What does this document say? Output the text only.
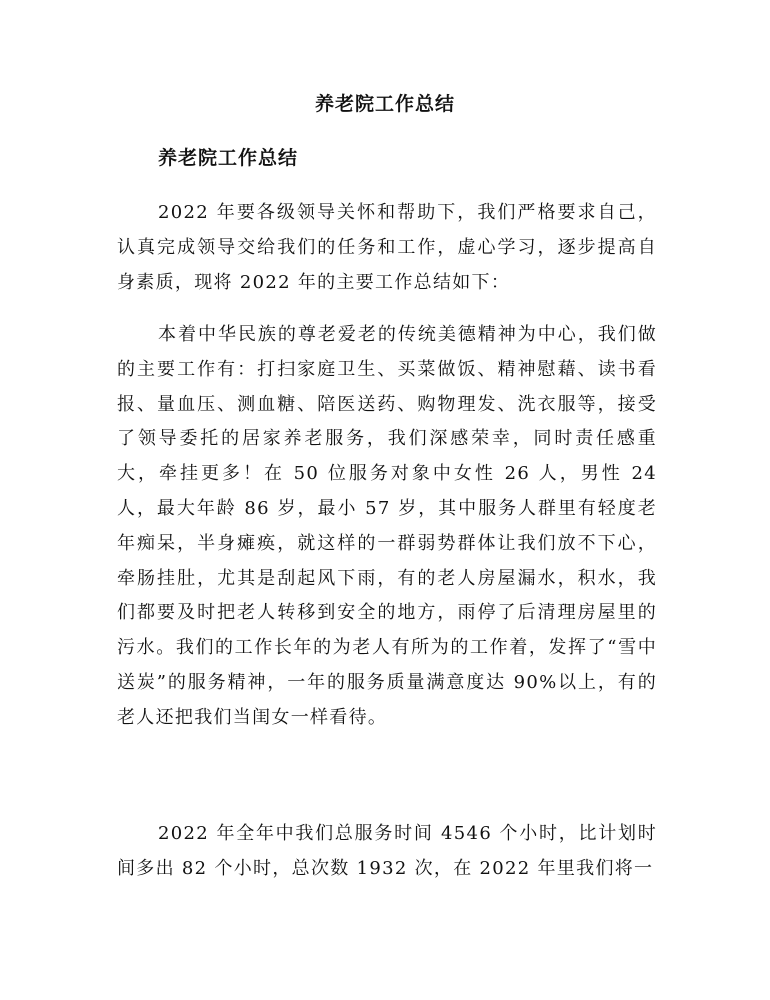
养老院工作总结
养老院工作总结

2022 年要各级领导关怀和帮助下，我们严格要求自己，认真完成领导交给我们的任务和工作，虚心学习，逐步提高自身素质，现将 2022 年的主要工作总结如下：

本着中华民族的尊老爱老的传统美德精神为中心，我们做的主要工作有：打扫家庭卫生、买菜做饭、精神慰藉、读书看报、量血压、测血糖、陪医送药、购物理发、洗衣服等，接受了领导委托的居家养老服务，我们深感荣幸，同时责任感重大，牵挂更多！在 50 位服务对象中女性 26 人，男性 24 人，最大年龄 86 岁，最小 57 岁，其中服务人群里有轻度老年痴呆，半身瘫痪，就这样的一群弱势群体让我们放不下心，牵肠挂肚，尤其是刮起风下雨，有的老人房屋漏水，积水，我们都要及时把老人转移到安全的地方，雨停了后清理房屋里的污水。我们的工作长年的为老人有所为的工作着，发挥了“雪中送炭”的服务精神，一年的服务质量满意度达 90%以上，有的老人还把我们当闺女一样看待。

2022 年全年中我们总服务时间 4546 个小时，比计划时间多出 82 个小时，总次数 1932 次，在 2022 年里我们将一
